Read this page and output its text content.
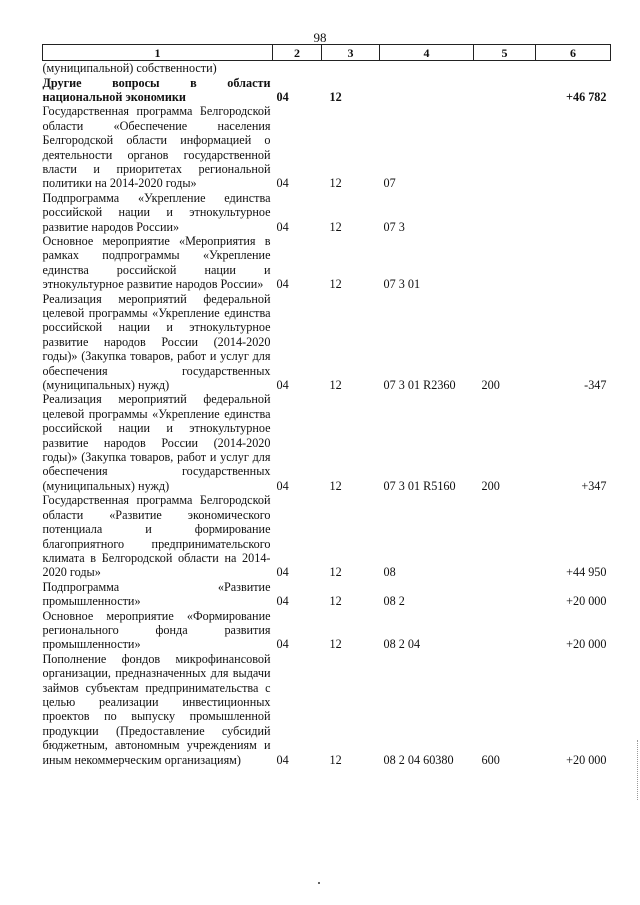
98
1	2	3	4	5	6
(муниципальной) собственности)					
Другие вопросы в области национальной экономики	04	12			+46 782
Государственная программа Белгородской области «Обеспечение населения Белгородской области информацией о деятельности органов государственной власти и приоритетах региональной политики на 2014-2020 годы»	04	12	07		
Подпрограмма «Укрепление единства российской нации и этнокультурное развитие народов России»	04	12	07 3		
Основное мероприятие «Мероприятия в рамках подпрограммы «Укрепление единства российской нации и этнокультурное развитие народов России»	04	12	07 3 01		
Реализация мероприятий федеральной целевой программы «Укрепление единства российской нации и этнокультурное развитие народов России (2014-2020 годы)» (Закупка товаров, работ и услуг для обеспечения государственных (муниципальных) нужд)	04	12	07 3 01 R2360	200	-347
Реализация мероприятий федеральной целевой программы «Укрепление единства российской нации и этнокультурное развитие народов России (2014-2020 годы)» (Закупка товаров, работ и услуг для обеспечения государственных (муниципальных) нужд)	04	12	07 3 01 R5160	200	+347
Государственная программа Белгородской области «Развитие экономического потенциала и формирование благоприятного предпринимательского климата в Белгородской области на 2014-2020 годы»	04	12	08		+44 950
Подпрограмма «Развитие промышленности»	04	12	08 2		+20 000
Основное мероприятие «Формирование регионального фонда развития промышленности»	04	12	08 2 04		+20 000
Пополнение фондов микрофинансовой организации, предназначенных для выдачи займов субъектам предпринимательства с целью реализации инвестиционных проектов по выпуску промышленной продукции (Предоставление субсидий бюджетным, автономным учреждениям и иным некоммерческим организациям)	04	12	08 2 04 60380	600	+20 000
